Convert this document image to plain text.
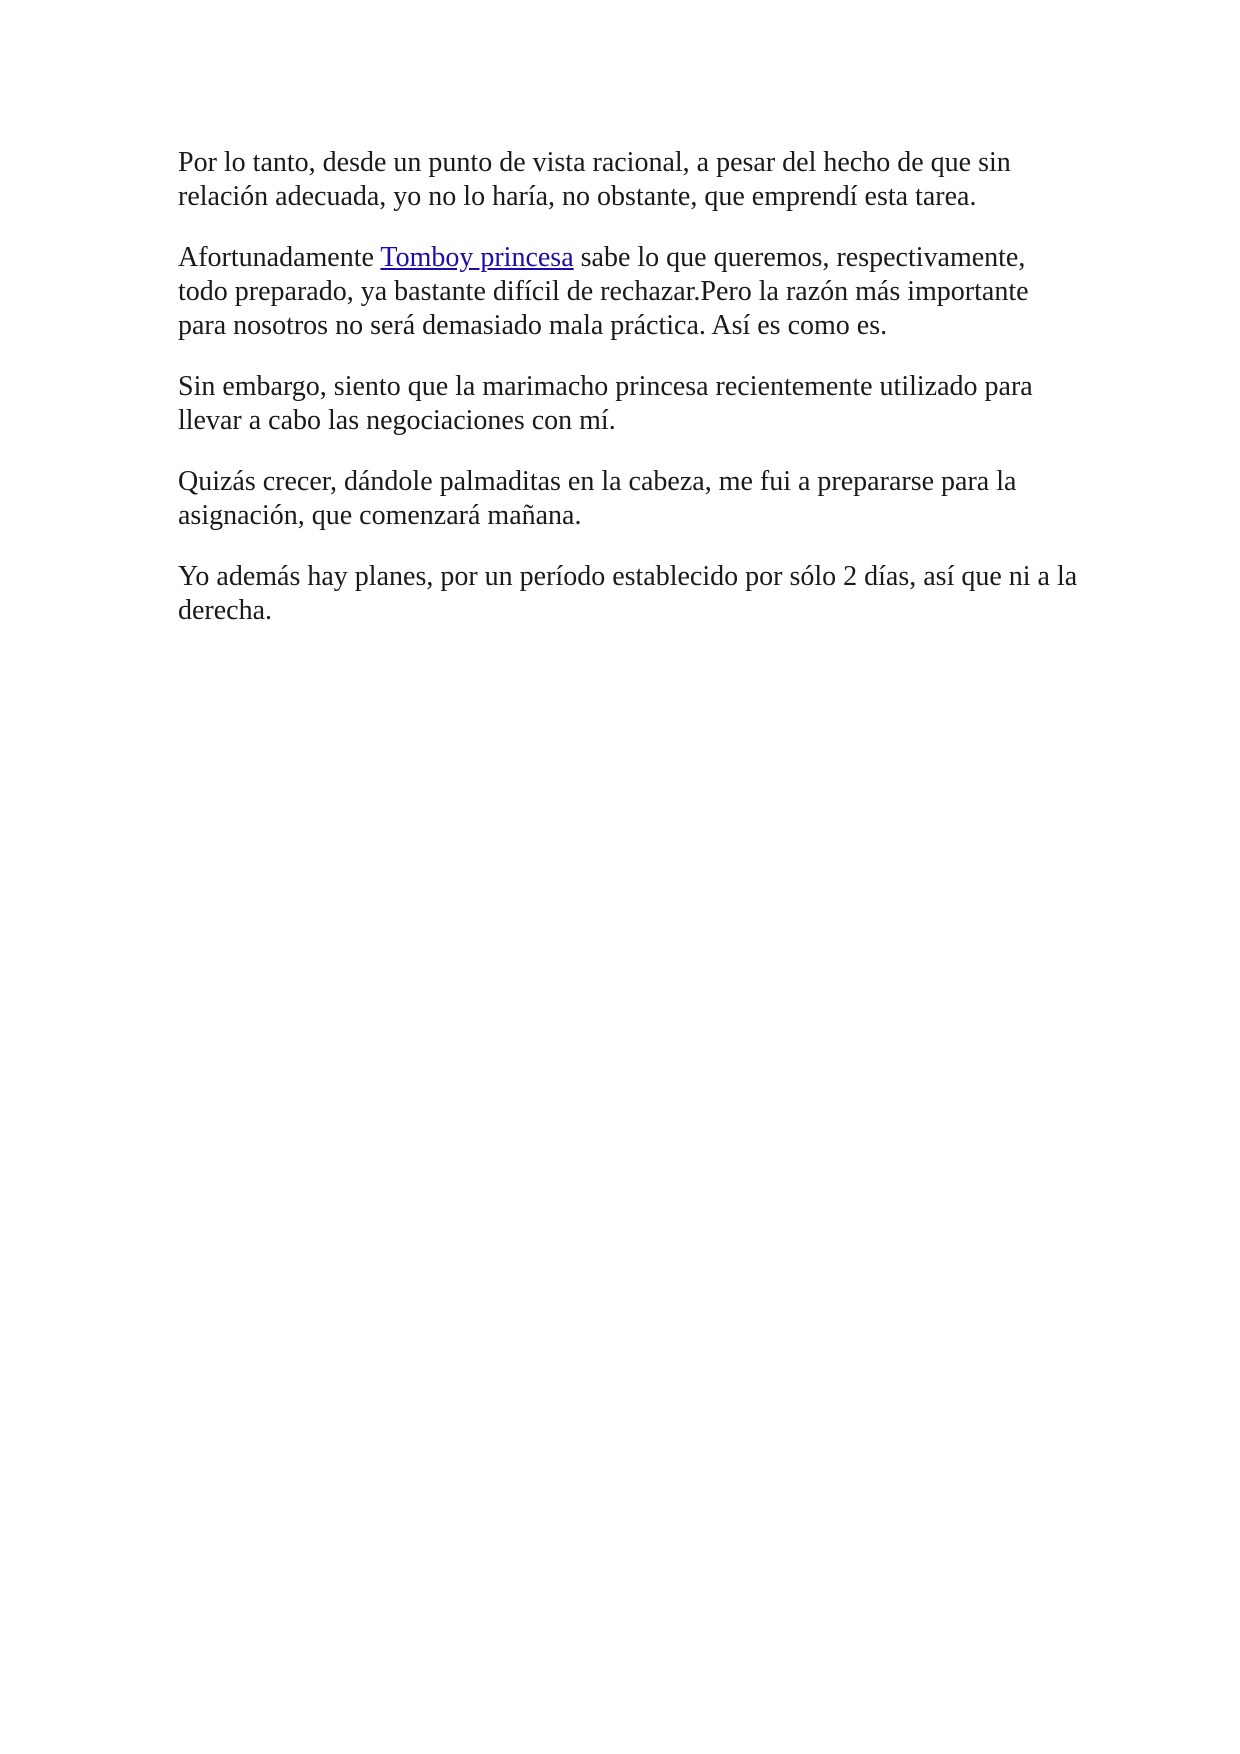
Por lo tanto, desde un punto de vista racional, a pesar del hecho de que sin relación adecuada, yo no lo haría, no obstante, que emprendí esta tarea.

Afortunadamente Tomboy princesa sabe lo que queremos, respectivamente, todo preparado, ya bastante difícil de rechazar.Pero la razón más importante para nosotros no será demasiado mala práctica. Así es como es.

Sin embargo, siento que la marimacho princesa recientemente utilizado para llevar a cabo las negociaciones con mí.

Quizás crecer, dándole palmaditas en la cabeza, me fui a prepararse para la asignación, que comenzará mañana.

Yo además hay planes, por un período establecido por sólo 2 días, así que ni a la derecha.
